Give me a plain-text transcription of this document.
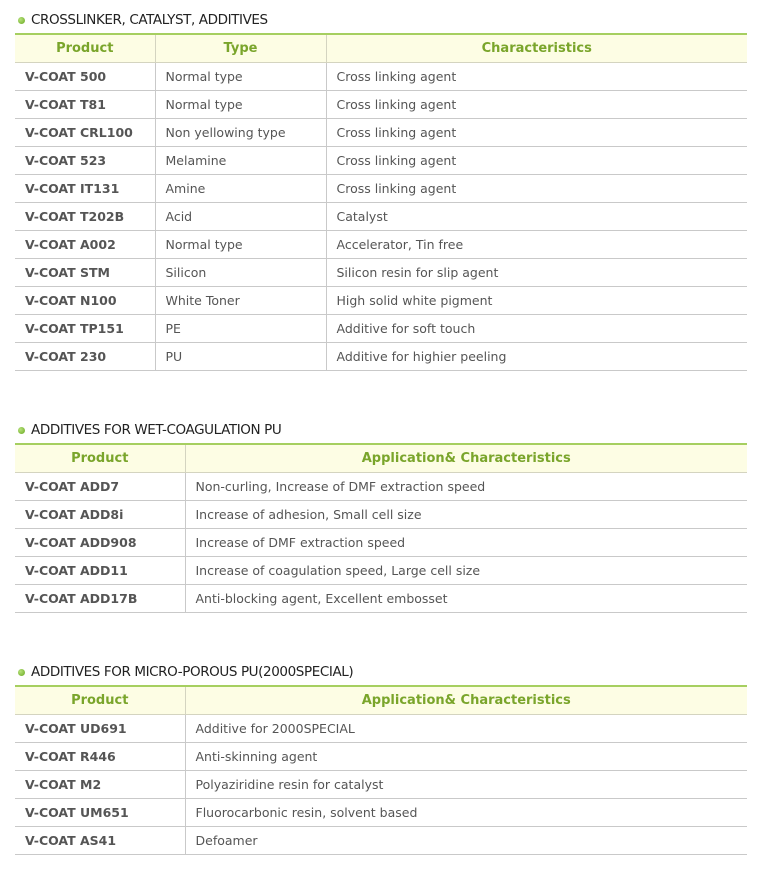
CROSSLINKER, CATALYST, ADDITIVES
Product	Type	Characteristics
V-COAT 500	Normal type	Cross linking agent
V-COAT T81	Normal type	Cross linking agent
V-COAT CRL100	Non yellowing type	Cross linking agent
V-COAT 523	Melamine	Cross linking agent
V-COAT IT131	Amine	Cross linking agent
V-COAT T202B	Acid	Catalyst
V-COAT A002	Normal type	Accelerator, Tin free
V-COAT STM	Silicon	Silicon resin for slip agent
V-COAT N100	White Toner	High solid white pigment
V-COAT TP151	PE	Additive for soft touch
V-COAT 230	PU	Additive for highier peeling
ADDITIVES FOR WET-COAGULATION PU
Product	Application& Characteristics
V-COAT ADD7	Non-curling, Increase of DMF extraction speed
V-COAT ADD8i	Increase of adhesion, Small cell size
V-COAT ADD908	Increase of DMF extraction speed
V-COAT ADD11	Increase of coagulation speed, Large cell size
V-COAT ADD17B	Anti-blocking agent, Excellent embosset
ADDITIVES FOR MICRO-POROUS PU(2000SPECIAL)
Product	Application& Characteristics
V-COAT UD691	Additive for 2000SPECIAL
V-COAT R446	Anti-skinning agent
V-COAT M2	Polyaziridine resin for catalyst
V-COAT UM651	Fluorocarbonic resin, solvent based
V-COAT AS41	Defoamer
